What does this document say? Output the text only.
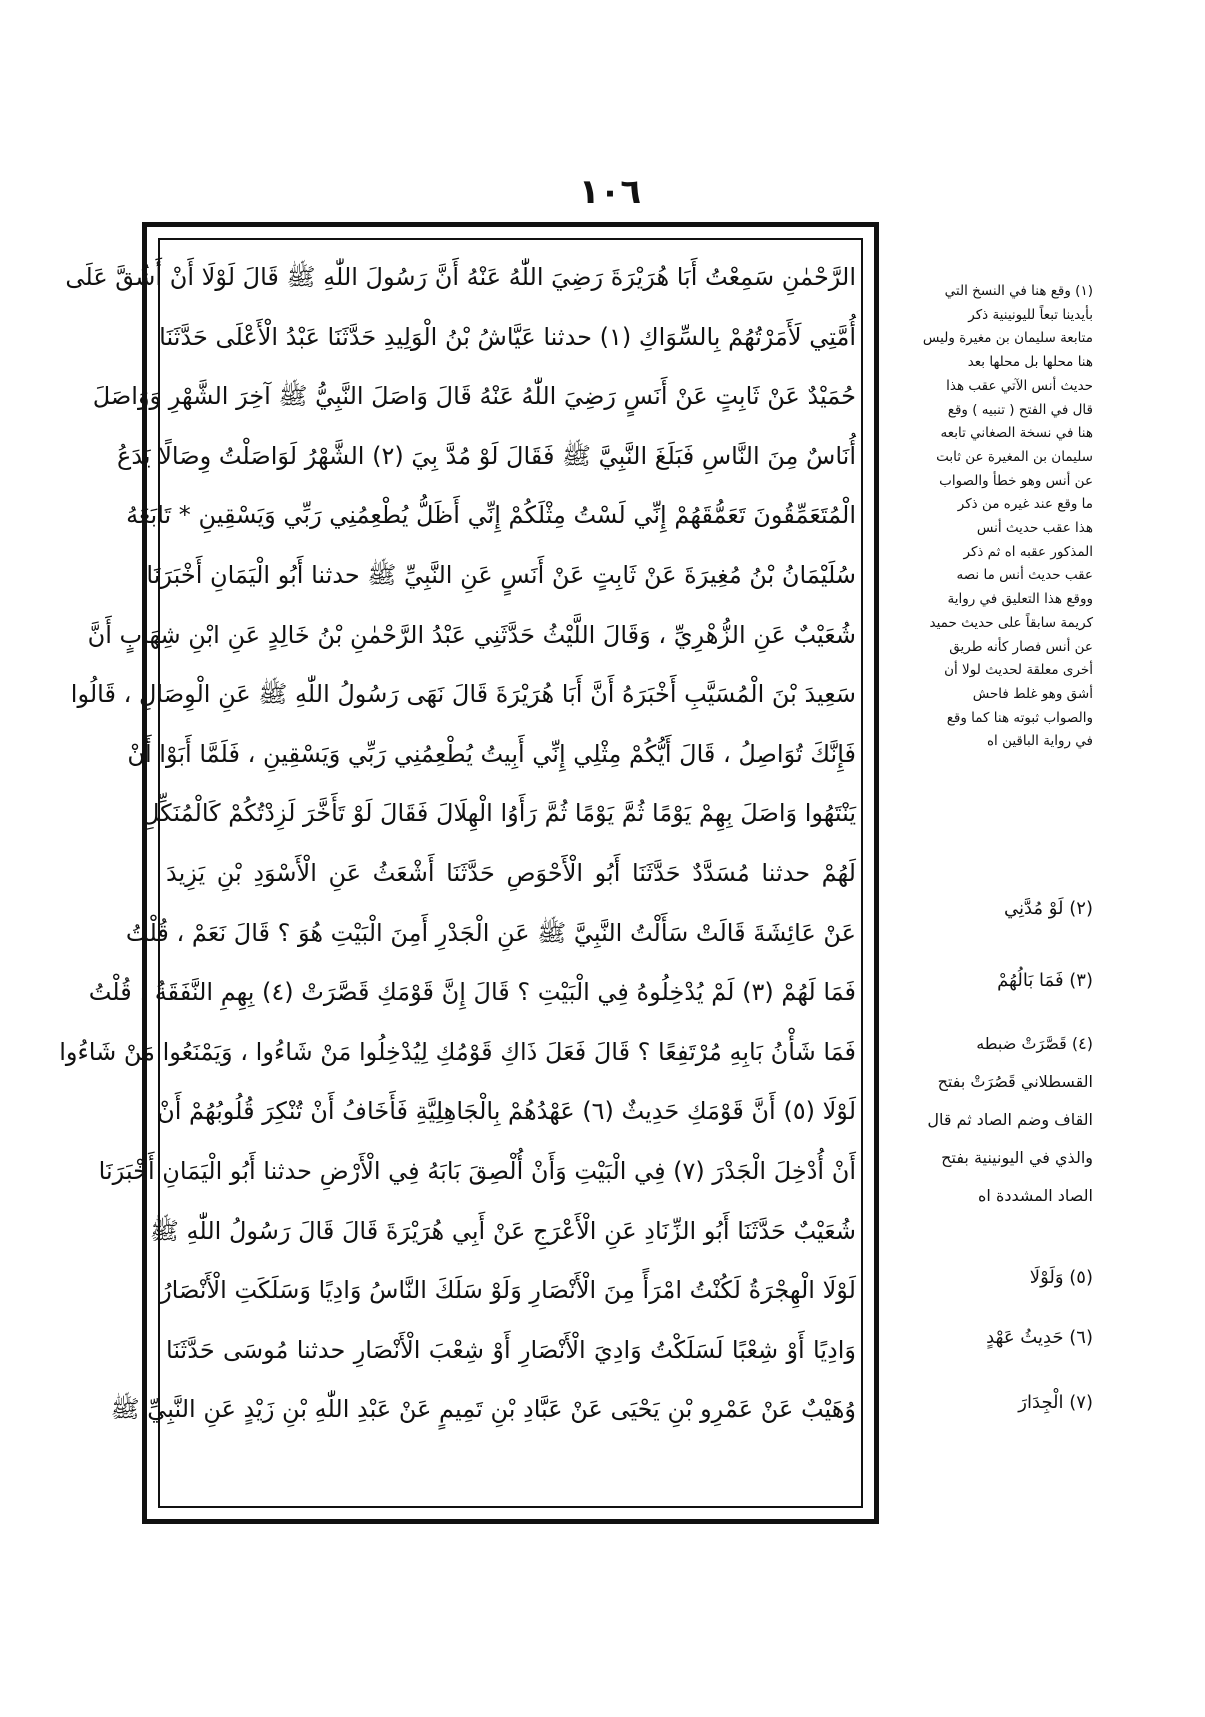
١٠٦
الرَّحْمٰنِ سَمِعْتُ أَبَا هُرَيْرَةَ رَضِيَ اللّٰهُ عَنْهُ أَنَّ رَسُولَ اللّٰهِ ﷺ قَالَ لَوْلَا أَنْ أَشُقَّ عَلَى
أُمَّتِي لَأَمَرْتُهُمْ بِالسِّوَاكِ (١) حدثنا عَيَّاشُ بْنُ الْوَلِيدِ حَدَّثَنَا عَبْدُ الْأَعْلَى حَدَّثَنَا
حُمَيْدٌ عَنْ ثَابِتٍ عَنْ أَنَسٍ رَضِيَ اللّٰهُ عَنْهُ قَالَ وَاصَلَ النَّبِيُّ ﷺ آخِرَ الشَّهْرِ وَوَاصَلَ
أُنَاسٌ مِنَ النَّاسِ فَبَلَغَ النَّبِيَّ ﷺ فَقَالَ لَوْ مُدَّ بِيَ (٢) الشَّهْرُ لَوَاصَلْتُ وِصَالًا يَدَعُ
الْمُتَعَمِّقُونَ تَعَمُّقَهُمْ إِنِّي لَسْتُ مِثْلَكُمْ إِنِّي أَظَلُّ يُطْعِمُنِي رَبِّي وَيَسْقِينِ * تَابَعَهُ
سُلَيْمَانُ بْنُ مُغِيرَةَ عَنْ ثَابِتٍ عَنْ أَنَسٍ عَنِ النَّبِيِّ ﷺ حدثنا أَبُو الْيَمَانِ أَخْبَرَنَا
شُعَيْبٌ عَنِ الزُّهْرِيِّ ، وَقَالَ اللَّيْثُ حَدَّثَنِي عَبْدُ الرَّحْمٰنِ بْنُ خَالِدٍ عَنِ ابْنِ شِهَابٍ أَنَّ
سَعِيدَ بْنَ الْمُسَيَّبِ أَخْبَرَهُ أَنَّ أَبَا هُرَيْرَةَ قَالَ نَهَى رَسُولُ اللّٰهِ ﷺ عَنِ الْوِصَالِ ، قَالُوا
فَإِنَّكَ تُوَاصِلُ ، قَالَ أَيُّكُمْ مِثْلِي إِنِّي أَبِيتُ يُطْعِمُنِي رَبِّي وَيَسْقِينِ ، فَلَمَّا أَبَوْا أَنْ
يَنْتَهُوا وَاصَلَ بِهِمْ يَوْمًا ثُمَّ يَوْمًا ثُمَّ رَأَوُا الْهِلَالَ فَقَالَ لَوْ تَأَخَّرَ لَزِدْتُكُمْ كَالْمُنَكِّلِ
لَهُمْ حدثنا مُسَدَّدٌ حَدَّثَنَا أَبُو الْأَحْوَصِ حَدَّثَنَا أَشْعَثُ عَنِ الْأَسْوَدِ بْنِ يَزِيدَ
عَنْ عَائِشَةَ قَالَتْ سَأَلْتُ النَّبِيَّ ﷺ عَنِ الْجَدْرِ أَمِنَ الْبَيْتِ هُوَ ؟ قَالَ نَعَمْ ، قُلْتُ
فَمَا لَهُمْ (٣) لَمْ يُدْخِلُوهُ فِي الْبَيْتِ ؟ قَالَ إِنَّ قَوْمَكِ قَصَّرَتْ (٤) بِهِمِ النَّفَقَةُ ، قُلْتُ
فَمَا شَأْنُ بَابِهِ مُرْتَفِعًا ؟ قَالَ فَعَلَ ذَاكِ قَوْمُكِ لِيُدْخِلُوا مَنْ شَاءُوا ، وَيَمْنَعُوا مَنْ شَاءُوا
لَوْلَا (٥) أَنَّ قَوْمَكِ حَدِيثٌ (٦) عَهْدُهُمْ بِالْجَاهِلِيَّةِ فَأَخَافُ أَنْ تُنْكِرَ قُلُوبُهُمْ أَنْ
أَنْ أُدْخِلَ الْجَدْرَ (٧) فِي الْبَيْتِ وَأَنْ أُلْصِقَ بَابَهُ فِي الْأَرْضِ حدثنا أَبُو الْيَمَانِ أَخْبَرَنَا
شُعَيْبٌ حَدَّثَنَا أَبُو الزِّنَادِ عَنِ الْأَعْرَجِ عَنْ أَبِي هُرَيْرَةَ قَالَ قَالَ رَسُولُ اللّٰهِ ﷺ
لَوْلَا الْهِجْرَةُ لَكُنْتُ امْرَأً مِنَ الْأَنْصَارِ وَلَوْ سَلَكَ النَّاسُ وَادِيًا وَسَلَكَتِ الْأَنْصَارُ
وَادِيًا أَوْ شِعْبًا لَسَلَكْتُ وَادِيَ الْأَنْصَارِ أَوْ شِعْبَ الْأَنْصَارِ حدثنا مُوسَى حَدَّثَنَا
وُهَيْبٌ عَنْ عَمْرِو بْنِ يَحْيَى عَنْ عَبَّادِ بْنِ تَمِيمٍ عَنْ عَبْدِ اللّٰهِ بْنِ زَيْدٍ عَنِ النَّبِيِّ ﷺ
(١) وقع هنا في النسخ التي
بأيدينا تبعاً لليونينية ذكر
متابعة سليمان بن مغيرة وليس
هنا محلها بل محلها بعد
حديث أنس الآتي عقب هذا
قال في الفتح ( تنبيه ) وقع
هنا في نسخة الصغاني تابعه
سليمان بن المغيرة عن ثابت
عن أنس وهو خطأ والصواب
ما وقع عند غيره من ذكر
هذا عقب حديث أنس
المذكور عقبه اه ثم ذكر
عقب حديث أنس ما نصه
ووقع هذا التعليق في رواية
كريمة سابقاً على حديث حميد
عن أنس فصار كأنه طريق
أخرى معلقة لحديث لولا أن
أشق وهو غلط فاحش
والصواب ثبوته هنا كما وقع
في رواية الباقين اه
(٢) لَوْ مُدَّنِي
(٣) فَمَا بَالُهُمْ
(٤) قَصَّرَتْ ضبطه
القسطلاني قَصُرَتْ بفتح
القاف وضم الصاد ثم قال
والذي في اليونينية بفتح
الصاد المشددة اه
(٥) وَلَوْلَا
(٦) حَدِيثُ عَهْدٍ
(٧) الْجِدَارَ
